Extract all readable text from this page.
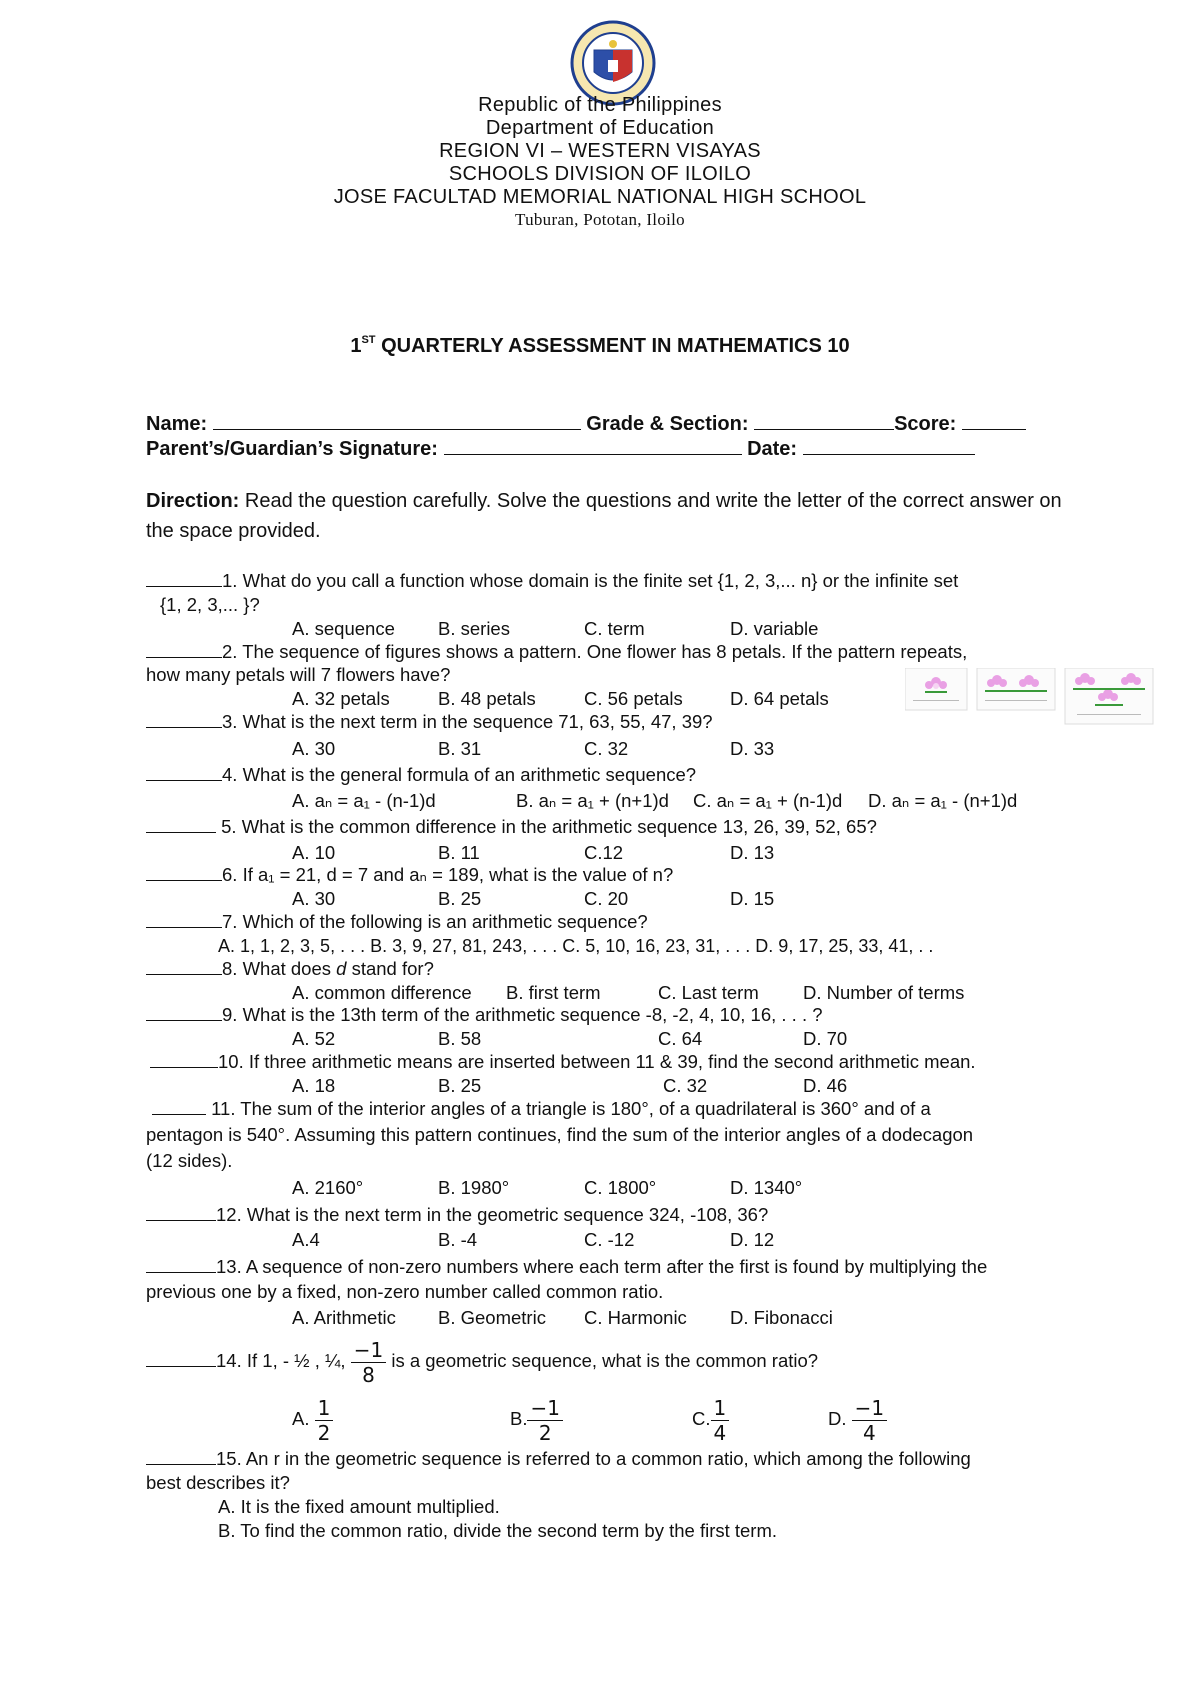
Republic of the Philippines
Department of Education
REGION VI – WESTERN VISAYAS
SCHOOLS DIVISION OF ILOILO
JOSE FACULTAD MEMORIAL NATIONAL HIGH SCHOOL
Tuburan, Pototan, Iloilo
1ST QUARTERLY ASSESSMENT IN MATHEMATICS 10
Name:	Grade & Section:	Score:
Parent’s/Guardian’s Signature:	Date:
Direction: Read the question carefully. Solve the questions and write the letter of the correct answer on the space provided.
1. What do you call a function whose domain is the finite set {1, 2, 3,... n} or the infinite set
{1, 2, 3,... }?
A. sequence B. series	C. term	D. variable
2. The sequence of figures shows a pattern. One flower has 8 petals. If the pattern repeats,
how many petals will 7 flowers have?
A. 32 petals	B. 48 petals	C. 56 petals	D. 64 petals
3. What is the next term in the sequence 71, 63, 55, 47, 39?
A. 30	B. 31	C. 32	D. 33
4. What is the general formula of an arithmetic sequence?
A. aₙ = a₁ - (n-1)d	B. aₙ = a₁ + (n+1)d C. aₙ = a₁ + (n-1)d D. aₙ = a₁ - (n+1)d
5. What is the common difference in the arithmetic sequence 13, 26, 39, 52, 65?
A. 10	B. 11	C.12	D. 13
6. If a₁ = 21, d = 7 and aₙ = 189, what is the value of n?
A. 30	B. 25	C. 20	D. 15
7. Which of the following is an arithmetic sequence?
A. 1, 1, 2, 3, 5, . . . B. 3, 9, 27, 81, 243, . . . C. 5, 10, 16, 23, 31, . . . D. 9, 17, 25, 33, 41, . .
8. What does d stand for?
A. common difference B. first term	C. Last term D. Number of terms
9. What is the 13th term of the arithmetic sequence -8, -2, 4, 10, 16, . . . ?
A. 52	B. 58	C. 64	D. 70
10. If three arithmetic means are inserted between 11 & 39, find the second arithmetic mean.
A. 18	B. 25	C. 32	D. 46
11. The sum of the interior angles of a triangle is 180°, of a quadrilateral is 360° and of a
pentagon is 540°. Assuming this pattern continues, find the sum of the interior angles of a dodecagon
(12 sides).
A. 2160°	B. 1980°	C. 1800°	D. 1340°
12. What is the next term in the geometric sequence 324, -108, 36?
A.4	B. -4	C. -12	D. 12
13. A sequence of non-zero numbers where each term after the first is found by multiplying the
previous one by a fixed, non-zero number called common ratio.
A. Arithmetic B. Geometric C. Harmonic D. Fibonacci
14. If 1, - ½ , ¼, $\frac{-1}{8}$ is a geometric sequence, what is the common ratio?
A. $\frac{1}{2}$	B. $\frac{-1}{2}$	C. $\frac{1}{4}$	D. $\frac{-1}{4}$
15. An r in the geometric sequence is referred to a common ratio, which among the following
best describes it?
A. It is the fixed amount multiplied.
B. To find the common ratio, divide the second term by the first term.
